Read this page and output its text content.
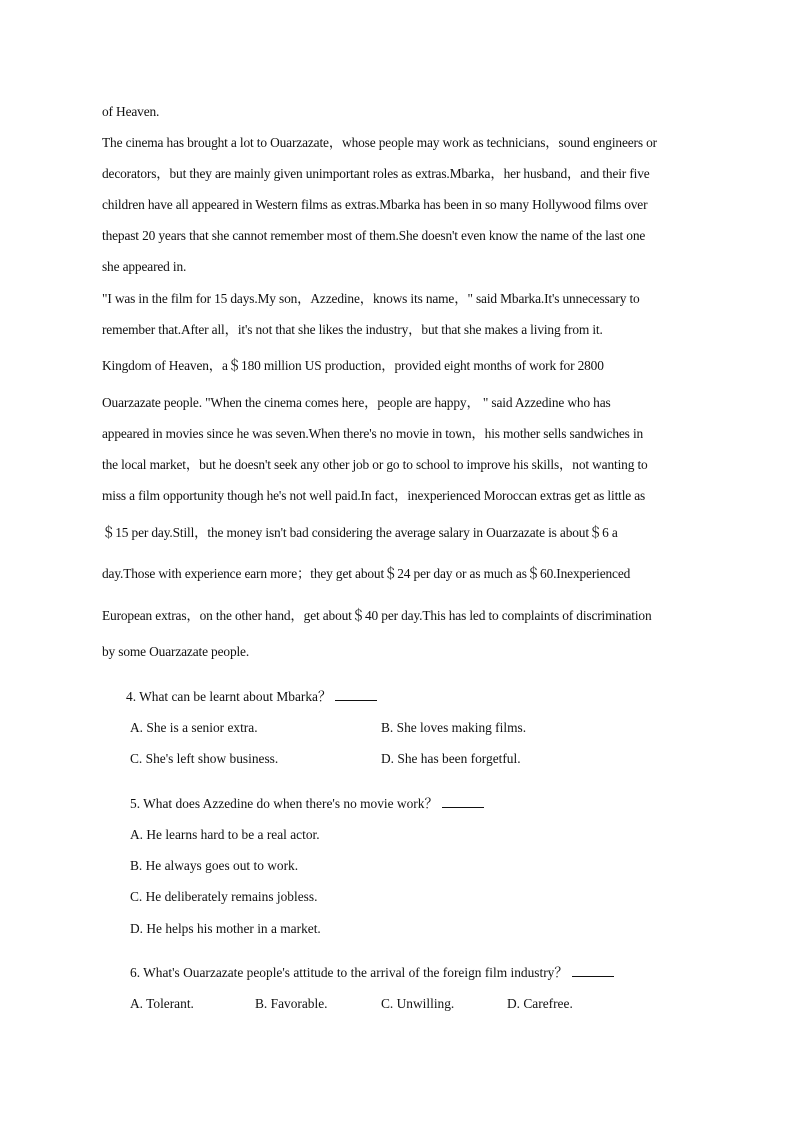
of Heaven.
The cinema has brought a lot to Ouarzazate，whose people may work as technicians，sound engineers or
decorators，but they are mainly given unimportant roles as extras.Mbarka，her husband，and their five
children have all appeared in Western films as extras.Mbarka has been in so many Hollywood films over
thepast 20 years that she cannot remember most of them.She doesn't even know the name of the last one
she appeared in.
"I was in the film for 15 days.My son，Azzedine，knows its name，" said Mbarka.It's unnecessary to
remember that.After all，it's not that she likes the industry，but that she makes a living from it.
Kingdom of Heaven，a＄180 million US production，provided eight months of work for 2800
Ouarzazate people. "When the cinema comes here，people are happy， " said Azzedine who has
appeared in movies since he was seven.When there's no movie in town，his mother sells sandwiches in
the local market，but he doesn't seek any other job or go to school to improve his skills，not wanting to
miss a film opportunity though he's not well paid.In fact，inexperienced Moroccan extras get as little as
＄15 per day.Still，the money isn't bad considering the average salary in Ouarzazate is about＄6 a
day.Those with experience earn more；they get about＄24 per day or as much as＄60.Inexperienced
European extras，on the other hand，get about＄40 per day.This has led to complaints of discrimination
by some Ouarzazate people.
4. What can be learnt about Mbarka？
A. She is a senior extra.	B. She loves making films.
C. She's left show business.	D. She has been forgetful.
5. What does Azzedine do when there's no movie work？
A. He learns hard to be a real actor.
B. He always goes out to work.
C. He deliberately remains jobless.
D. He helps his mother in a market.
6. What's Ouarzazate people's attitude to the arrival of the foreign film industry？
A. Tolerant.	B. Favorable.	C. Unwilling.	D. Carefree.
